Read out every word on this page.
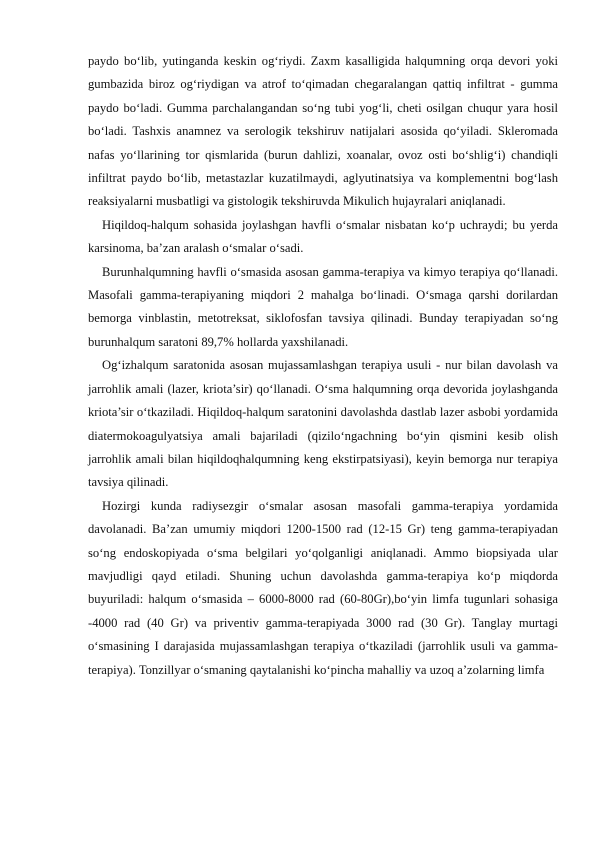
paydo bo‘lib, yutinganda keskin og‘riydi. Zaxm kasalligida halqumning orqa devori yoki gumbazida biroz og‘riydigan va atrof to‘qimadan chegaralangan qattiq infiltrat - gumma paydo bo‘ladi. Gumma parchalangandan so‘ng tubi yog‘li, cheti osilgan chuqur yara hosil bo‘ladi. Tashxis anamnez va serologik tekshiruv natijalari asosida qo‘yiladi. Skleromada nafas yo‘llarining tor qismlarida (burun dahlizi, xoanalar, ovoz osti bo‘shlig‘i) chandiqli infiltrat paydo bo‘lib, metastazlar kuzatilmaydi, aglyutinatsiya va komplementni bog‘lash reaksiyalarni musbatligi va gistologik tekshiruvda Mikulich hujayralari aniqlanadi.

Hiqildoq-halqum sohasida joylashgan havfli o‘smalar nisbatan ko‘p uchraydi; bu yerda karsinoma, ba’zan aralash o‘smalar o‘sadi.

Burunhalqumning havfli o‘smasida asosan gamma-terapiya va kimyo terapiya qo‘llanadi. Masofali gamma-terapiyaning miqdori 2 mahalga bo‘linadi. O‘smaga qarshi dorilardan bemorga vinblastin, metotreksat, siklofosfan tavsiya qilinadi. Bunday terapiyadan so‘ng burunhalqum saratoni 89,7% hollarda yaxshilanadi.

Og‘izhalqum saratonida asosan mujassamlashgan terapiya usuli - nur bilan davolash va jarrohlik amali (lazer, kriota’sir) qo‘llanadi. O‘sma halqumning orqa devorida joylashganda kriota’sir o‘tkaziladi. Hiqildoq-halqum saratonini davolashda dastlab lazer asbobi yordamida diatermokoagulyatsiya amali bajariladi (qizilo‘ngachning bo‘yin qismini kesib olish jarrohlik amali bilan hiqildoqhalqumning keng ekstirpatsiyasi), keyin bemorga nur terapiya tavsiya qilinadi.

Hozirgi kunda radiysezgir o‘smalar asosan masofali gamma-terapiya yordamida davolanadi. Ba’zan umumiy miqdori 1200-1500 rad (12-15 Gr) teng gamma-terapiyadan so‘ng endoskopiyada o‘sma belgilari yo‘qolganligi aniqlanadi. Ammo biopsiyada ular mavjudligi qayd etiladi. Shuning uchun davolashda gamma-terapiya ko‘p miqdorda buyuriladi: halqum o‘smasida – 6000-8000 rad (60-80Gr),bo‘yin limfa tugunlari sohasiga -4000 rad (40 Gr) va priventiv gamma-terapiyada 3000 rad (30 Gr). Tanglay murtagi o‘smasining I darajasida mujassamlashgan terapiya o‘tkaziladi (jarrohlik usuli va gamma-terapiya). Tonzillyar o‘smaning qaytalanishi ko‘pincha mahalliy va uzoq a’zolarning limfa
